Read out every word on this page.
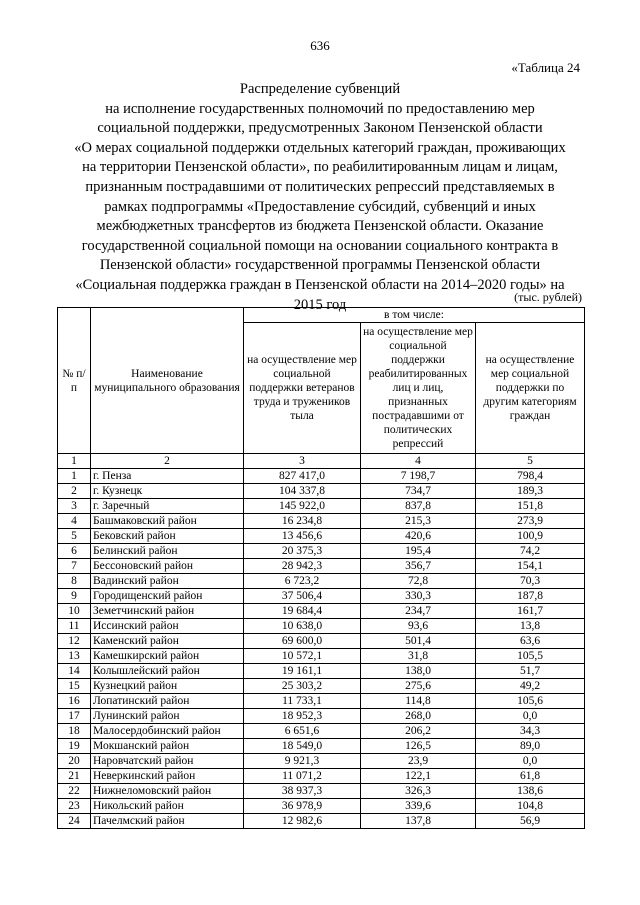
636
«Таблица 24
Распределение субвенций
на исполнение государственных полномочий по предоставлению мер
социальной поддержки, предусмотренных Законом Пензенской области
«О мерах социальной поддержки отдельных категорий граждан, проживающих
на территории Пензенской области», по реабилитированным лицам и лицам,
признанным пострадавшими от политических репрессий представляемых в
рамках подпрограммы «Предоставление субсидий, субвенций и иных
межбюджетных трансфертов из бюджета Пензенской области. Оказание
государственной социальной помощи на основании социального контракта в
Пензенской области» государственной программы Пензенской области
«Социальная поддержка граждан в Пензенской области на 2014–2020 годы» на
2015 год	(тыс. рублей)
№ п/п	Наименование муниципального образования	в том числе:		
		на осуществление мер социальной поддержки ветеранов труда и тружеников тыла	на осуществление мер социальной поддержки реабилитированных лиц и лиц, признанных пострадавшими от политических репрессий	на осуществление мер социальной поддержки по другим категориям граждан
1	2	3	4	5
1	г. Пенза	827 417,0	7 198,7	798,4
2	г. Кузнецк	104 337,8	734,7	189,3
3	г. Заречный	145 922,0	837,8	151,8
4	Башмаковский район	16 234,8	215,3	273,9
5	Бековский район	13 456,6	420,6	100,9
6	Белинский район	20 375,3	195,4	74,2
7	Бессоновский район	28 942,3	356,7	154,1
8	Вадинский район	6 723,2	72,8	70,3
9	Городищенский район	37 506,4	330,3	187,8
10	Земетчинский район	19 684,4	234,7	161,7
11	Иссинский район	10 638,0	93,6	13,8
12	Каменский район	69 600,0	501,4	63,6
13	Камешкирский район	10 572,1	31,8	105,5
14	Колышлейский район	19 161,1	138,0	51,7
15	Кузнецкий район	25 303,2	275,6	49,2
16	Лопатинский район	11 733,1	114,8	105,6
17	Лунинский район	18 952,3	268,0	0,0
18	Малосердобинский район	6 651,6	206,2	34,3
19	Мокшанский район	18 549,0	126,5	89,0
20	Наровчатский район	9 921,3	23,9	0,0
21	Неверкинский район	11 071,2	122,1	61,8
22	Нижнеломовский район	38 937,3	326,3	138,6
23	Никольский район	36 978,9	339,6	104,8
24	Пачелмский район	12 982,6	137,8	56,9
